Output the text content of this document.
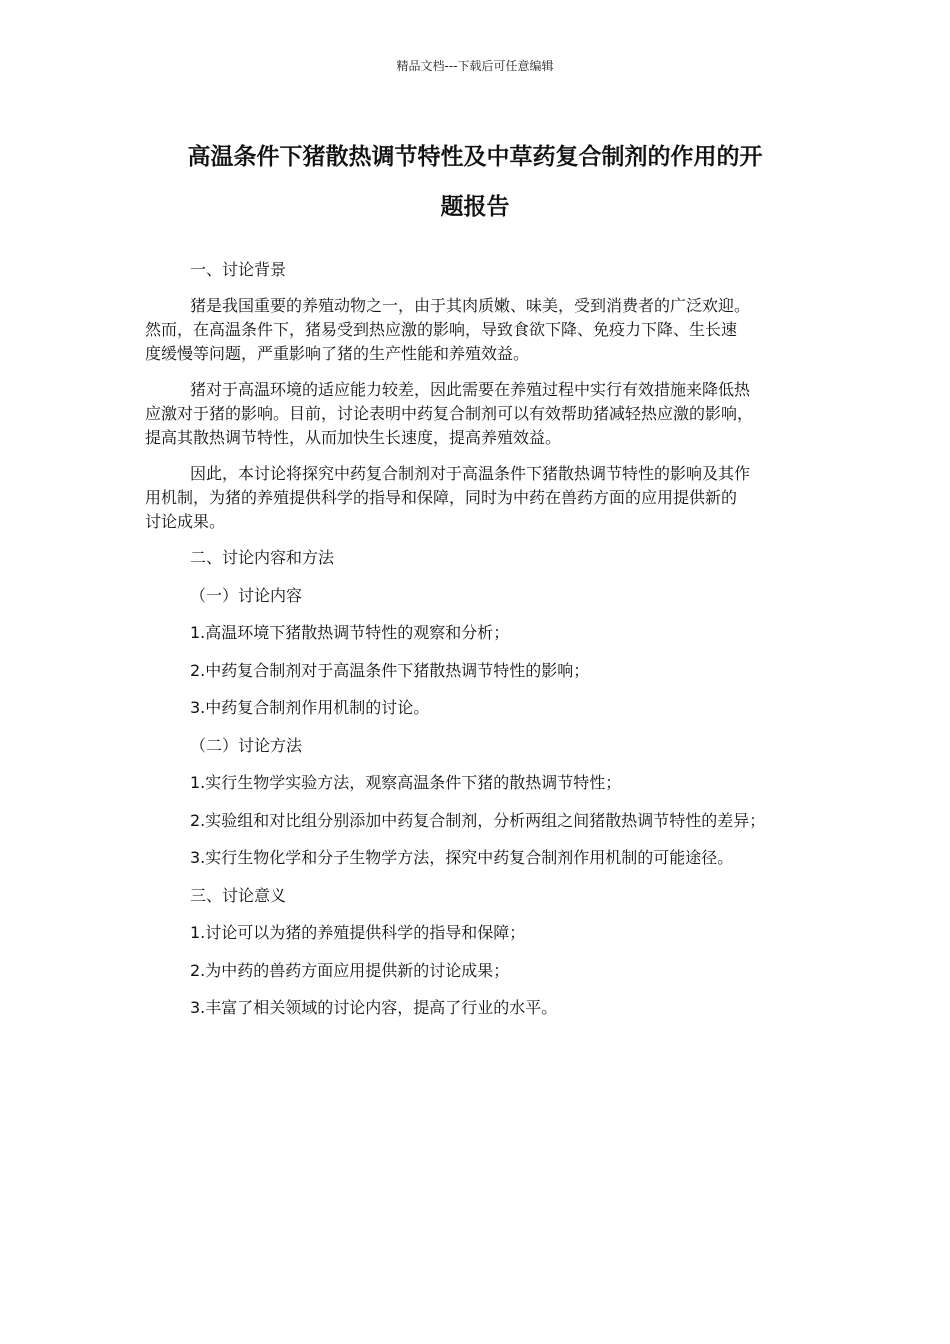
精品文档---下载后可任意编辑
高温条件下猪散热调节特性及中草药复合制剂的作用的开
题报告
一、讨论背景
猪是我国重要的养殖动物之一，由于其肉质嫩、味美，受到消费者的广泛欢迎。
然而，在高温条件下，猪易受到热应激的影响，导致食欲下降、免疫力下降、生长速
度缓慢等问题，严重影响了猪的生产性能和养殖效益。
猪对于高温环境的适应能力较差，因此需要在养殖过程中实行有效措施来降低热
应激对于猪的影响。目前，讨论表明中药复合制剂可以有效帮助猪减轻热应激的影响，
提高其散热调节特性，从而加快生长速度，提高养殖效益。
因此，本讨论将探究中药复合制剂对于高温条件下猪散热调节特性的影响及其作
用机制，为猪的养殖提供科学的指导和保障，同时为中药在兽药方面的应用提供新的
讨论成果。
二、讨论内容和方法
（一）讨论内容
1.高温环境下猪散热调节特性的观察和分析；
2.中药复合制剂对于高温条件下猪散热调节特性的影响；
3.中药复合制剂作用机制的讨论。
（二）讨论方法
1.实行生物学实验方法，观察高温条件下猪的散热调节特性；
2.实验组和对比组分别添加中药复合制剂，分析两组之间猪散热调节特性的差异；
3.实行生物化学和分子生物学方法，探究中药复合制剂作用机制的可能途径。
三、讨论意义
1.讨论可以为猪的养殖提供科学的指导和保障；
2.为中药的兽药方面应用提供新的讨论成果；
3.丰富了相关领域的讨论内容，提高了行业的水平。
